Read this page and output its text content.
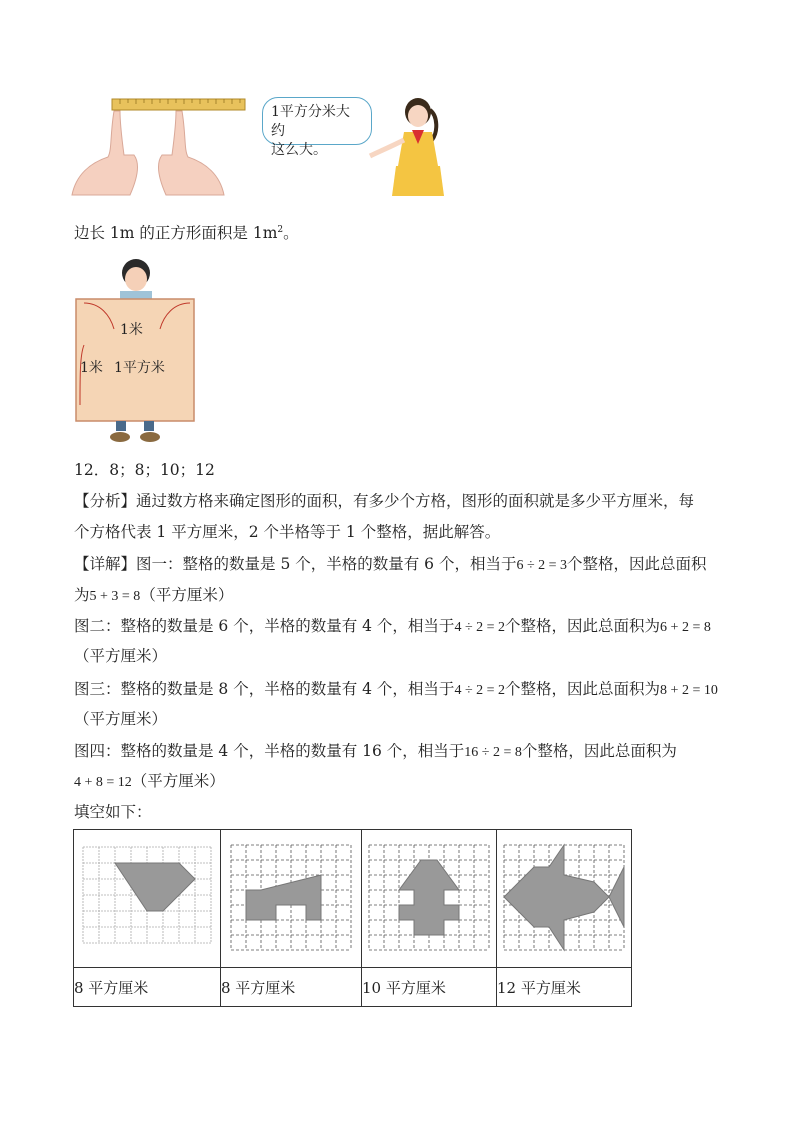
1平方分米大约
这么大。
边长 1m 的正方形面积是 $1m^2$。
1米
1米 1平方米
12．8；8；10；12
【分析】通过数方格来确定图形的面积，有多少个方格，图形的面积就是多少平方厘米，每
个方格代表 1 平方厘米，2 个半格等于 1 个整格，据此解答。
【详解】图一：整格的数量是 5 个，半格的数量有 6 个，相当于6 ÷ 2 = 3个整格，因此总面积
为5 + 3 = 8（平方厘米）
图二：整格的数量是 6 个，半格的数量有 4 个，相当于4 ÷ 2 = 2个整格，因此总面积为6 + 2 = 8
（平方厘米）
图三：整格的数量是 8 个，半格的数量有 4 个，相当于4 ÷ 2 = 2个整格，因此总面积为8 + 2 = 10
（平方厘米）
图四：整格的数量是 4 个，半格的数量有 16 个，相当于16 ÷ 2 = 8个整格，因此总面积为
4 + 8 = 12（平方厘米）
填空如下：

8 平方厘米	8 平方厘米	10 平方厘米	12 平方厘米
